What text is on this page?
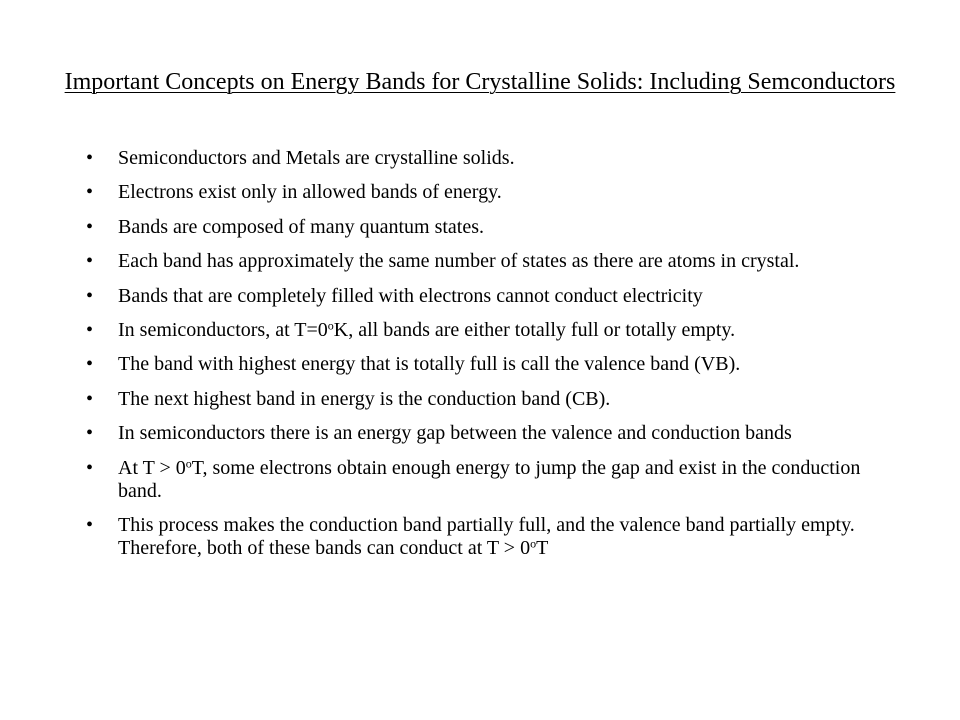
Important Concepts on Energy Bands for Crystalline Solids: Including Semconductors
• Semiconductors and Metals are crystalline solids.
• Electrons exist only in allowed bands of energy.
• Bands are composed of many quantum states.
• Each band has approximately the same number of states as there are atoms in crystal.
• Bands that are completely filled with electrons cannot conduct electricity
• In semiconductors, at $T=0^oK$, all bands are either totally full or totally empty.
• The band with highest energy that is totally full is call the valence band (VB).
• The next highest band in energy is the conduction band (CB).
• In semiconductors there is an energy gap between the valence and conduction bands
• At $T > 0^oT$, some electrons obtain enough energy to jump the gap and exist in the conduction band.
• This process makes the conduction band partially full, and the valence band partially empty. Therefore, both of these bands can conduct at $T > 0^oT$
